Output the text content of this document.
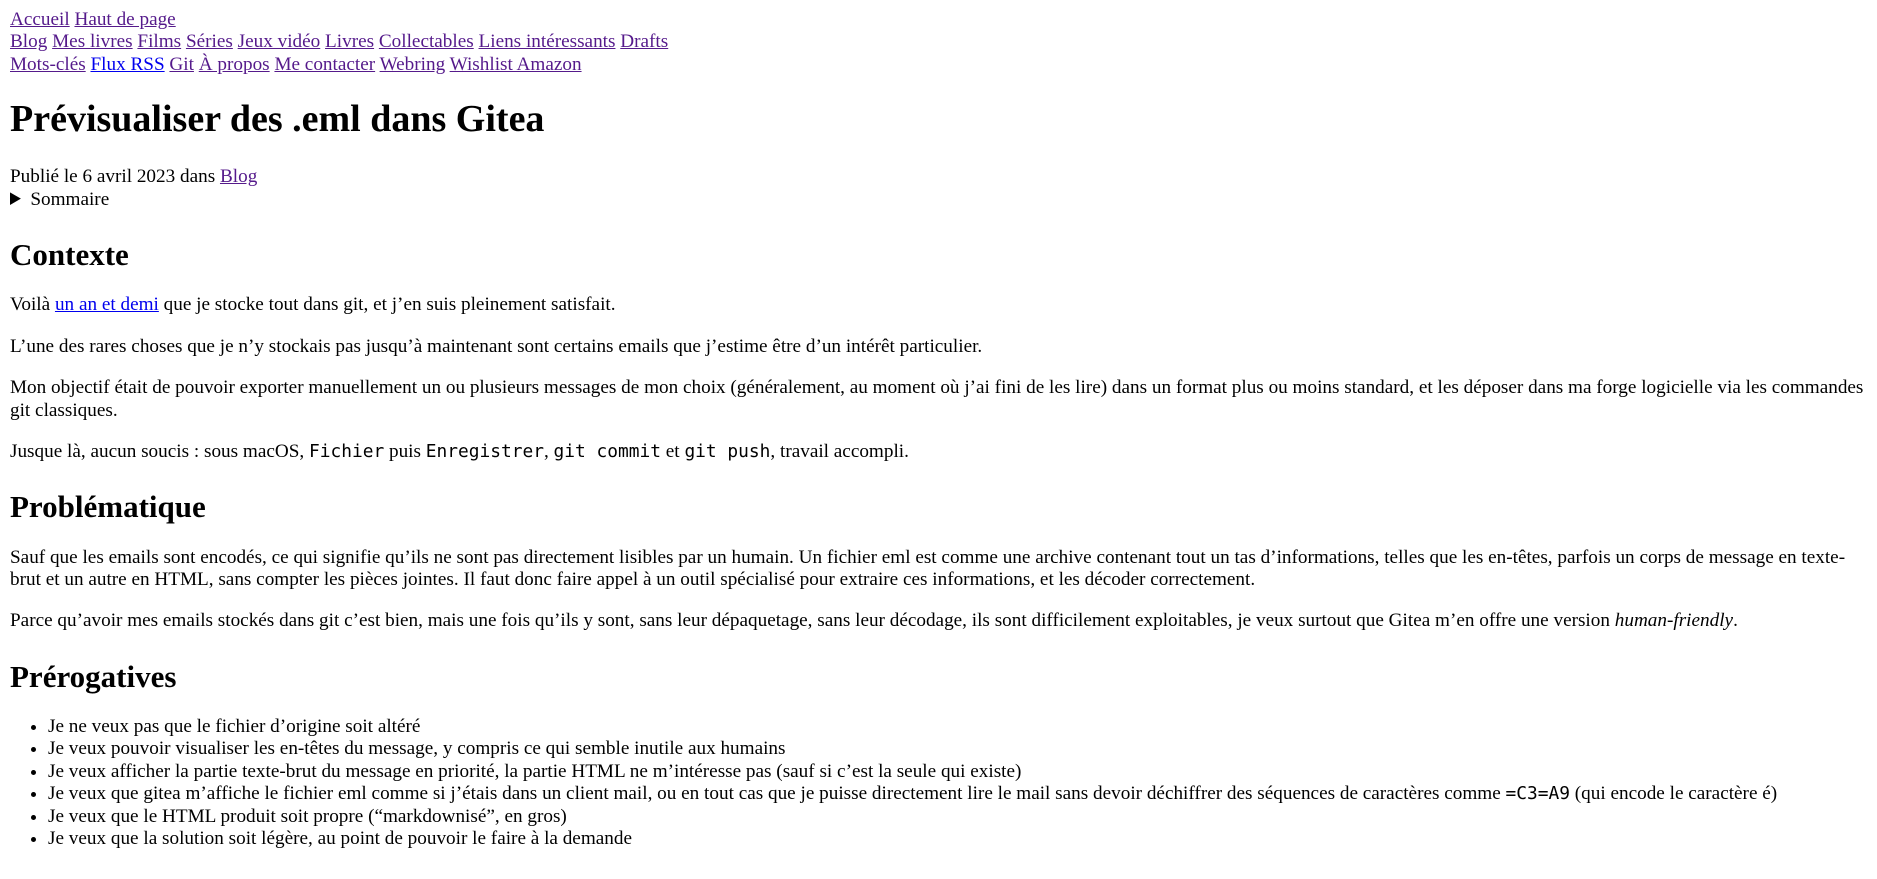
Accueil Haut de page
Blog Mes livres Films Séries Jeux vidéo Livres Collectables Liens intéressants Drafts
Mots-clés Flux RSS Git À propos Me contacter Webring Wishlist Amazon
Prévisualiser des .eml dans Gitea
Publié le 6 avril 2023 dans Blog
Sommaire
Contexte

Voilà un an et demi que je stocke tout dans git, et j’en suis pleinement satisfait.

L’une des rares choses que je n’y stockais pas jusqu’à maintenant sont certains emails que j’estime être d’un intérêt particulier.

Mon objectif était de pouvoir exporter manuellement un ou plusieurs messages de mon choix (généralement, au moment où j’ai fini de les lire) dans un format plus ou moins standard, et les déposer dans ma forge logicielle via les commandes git classiques.

Jusque là, aucun soucis : sous macOS, Fichier puis Enregistrer, git commit et git push, travail accompli.

Problématique

Sauf que les emails sont encodés, ce qui signifie qu’ils ne sont pas directement lisibles par un humain. Un fichier eml est comme une archive contenant tout un tas d’informations, telles que les en-têtes, parfois un corps de message en texte-brut et un autre en HTML, sans compter les pièces jointes. Il faut donc faire appel à un outil spécialisé pour extraire ces informations, et les décoder correctement.

Parce qu’avoir mes emails stockés dans git c’est bien, mais une fois qu’ils y sont, sans leur dépaquetage, sans leur décodage, ils sont difficilement exploitables, je veux surtout que Gitea m’en offre une version human-friendly.

Prérogatives
• Je ne veux pas que le fichier d’origine soit altéré
• Je veux pouvoir visualiser les en-têtes du message, y compris ce qui semble inutile aux humains
• Je veux afficher la partie texte-brut du message en priorité, la partie HTML ne m’intéresse pas (sauf si c’est la seule qui existe)
• Je veux que gitea m’affiche le fichier eml comme si j’étais dans un client mail, ou en tout cas que je puisse directement lire le mail sans devoir déchiffrer des séquences de caractères comme =C3=A9 (qui encode le caractère é)
• Je veux que le HTML produit soit propre (“markdownisé”, en gros)
• Je veux que la solution soit légère, au point de pouvoir le faire à la demande
